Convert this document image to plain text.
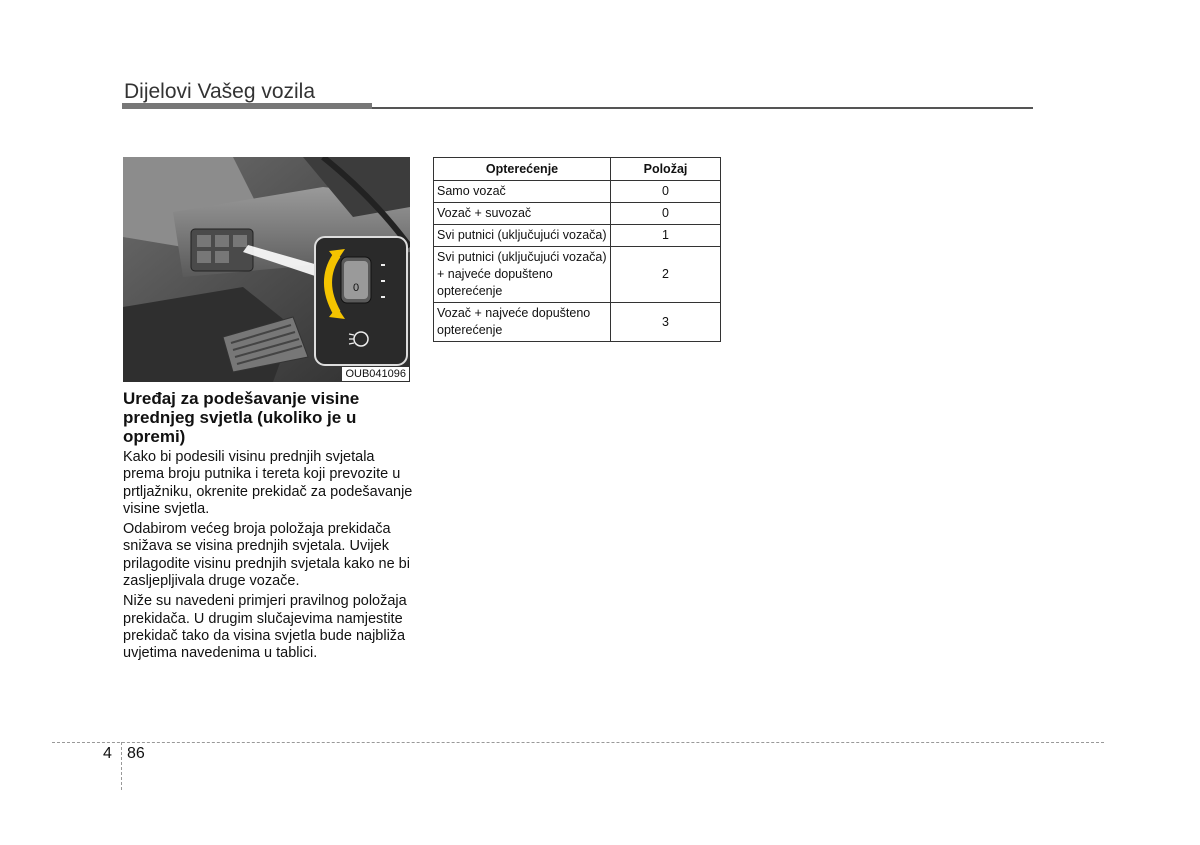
Dijelovi Vašeg vozila
0
OUB041096
Uređaj za podešavanje visine prednjeg svjetla (ukoliko je u opremi)

Kako bi podesili visinu prednjih svjetala prema broju putnika i tereta koji prevozite u prtljažniku, okrenite prekidač za podešavanje visine svjetla.

Odabirom većeg broja položaja prekidača snižava se visina prednjih svjetala. Uvijek prilagodite visinu prednjih svjetala kako ne bi zasljepljivala druge vozače.

Niže su navedeni primjeri pravilnog položaja prekidača. U drugim slučajevima namjestite prekidač tako da visina svjetla bude najbliža uvjetima navedenima u tablici.

Opterećenje	Položaj
Samo vozač	0
Vozač + suvozač	0
Svi putnici (uključujući vozača)	1
Svi putnici (uključujući vozača) + najveće dopušteno opterećenje	2
Vozač + najveće dopušteno opterećenje	3
4 86
